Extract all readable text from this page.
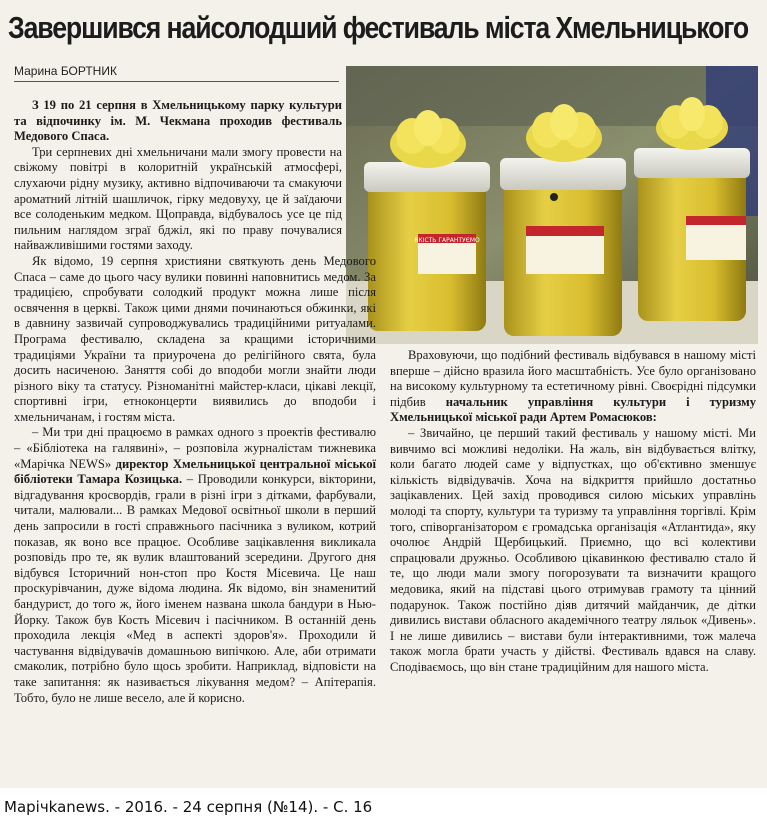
Завершився найсолодший фестиваль міста Хмельницького
Марина БОРТНИК
ЯКІСТЬ ГАРАНТУЄМО

З 19 по 21 серпня в Хмельницькому парку культури та відпочинку ім. М. Чекмана проходив фестиваль Медового Спаса.

Три серпневих дні хмельничани мали змогу провести на свіжому повітрі в колоритній українській атмосфері, слухаючи рідну музику, активно відпочиваючи та смакуючи ароматний літній шашличок, гірку медовуху, це й заїдаючи все солоденьким медком. Щоправда, відбувалось усе це під пильним наглядом зграї бджіл, які по праву почувалися найважливішими гостями заходу.

Як відомо, 19 серпня християни святкують день Медового Спаса – саме до цього часу вулики повинні наповнитись медом. За традицією, спробувати солодкий продукт можна лише після освячення в церкві. Також цими днями починаються обжинки, які в давнину зазвичай супроводжувались традиційними ритуалами. Програма фестивалю, складена за кращими історичними традиціями України та приурочена до релігійного свята, була досить насиченою. Заняття собі до вподоби могли знайти люди різного віку та статусу. Різноманітні майстер-класи, цікаві лекції, спортивні ігри, етноконцерти виявились до вподоби і хмельничанам, і гостям міста.

– Ми три дні працюємо в рамках одного з проектів фестивалю – «Бібліотека на галявині», – розповіла журналістам тижневика «Марічка NEWS» директор Хмельницької центральної міської бібліотеки Тамара Козицька. – Проводили конкурси, вікторини, відгадування кросвордів, грали в різні ігри з дітками, фарбували, читали, малювали... В рамках Медової освітньої школи в перший день запросили в гості справжнього пасічника з вуликом, котрий показав, як воно все працює. Особливе зацікавлення викликала розповідь про те, як вулик влаштований зсередини. Другого дня відбувся Історичний нон-стоп про Костя Місевича. Це наш проскурівчанин, дуже відома людина. Як відомо, він знаменитий бандурист, до того ж, його іменем названа школа бандури в Нью-Йорку. Також був Кость Місевич і пасічником. В останній день проходила лекція «Мед в аспекті здоров'я». Проходили й частування відвідувачів домашньою випічкою. Але, аби отримати смаколик, потрібно було щось зробити. Наприклад, відповісти на таке запитання: як називається лікування медом? – Апітерапія. Тобто, було не лише весело, але й корисно.

Враховуючи, що подібний фестиваль відбувався в нашому місті вперше – дійсно вразила його масштабність. Усе було організовано на високому культурному та естетичному рівні. Своєрідні підсумки підбив начальник управління культури і туризму Хмельницької міської ради Артем Ромасюков:

– Звичайно, це перший такий фестиваль у нашому місті. Ми вивчимо всі можливі недоліки. На жаль, він відбувається влітку, коли багато людей саме у відпустках, що об'єктивно зменшує кількість відвідувачів. Хоча на відкриття прийшло достатньо зацікавлених. Цей захід проводився силою міських управлінь молоді та спорту, культури та туризму та управління торгівлі. Крім того, співорганізатором є громадська організація «Атлантида», яку очолює Андрій Щербицький. Приємно, що всі колективи спрацювали дружньо. Особливою цікавинкою фестивалю стало й те, що люди мали змогу погорозувати та визначити кращого медовика, який на підставі цього отримував грамоту та цінний подарунок. Також постійно діяв дитячий майданчик, де дітки дивились вистави обласного академічного театру ляльок «Дивень». І не лише дивились – вистави були інтерактивними, тож малеча також могла брати участь у дійстві. Фестиваль вдався на славу. Сподіваємось, що він стане традиційним для нашого міста.

Марічkanews. - 2016. - 24 серпня (№14). - С. 16
